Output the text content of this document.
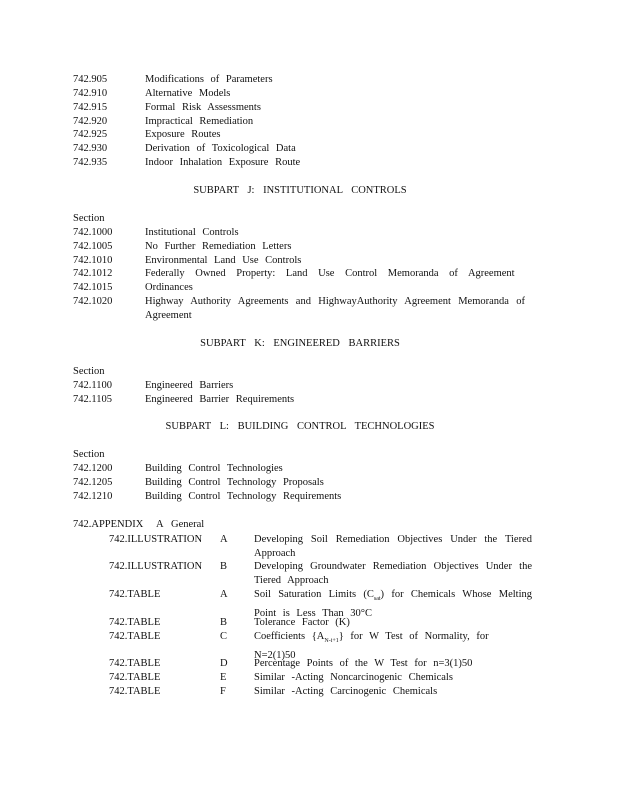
742.905	Modifications of Parameters
742.910	Alternative Models
742.915	Formal Risk Assessments
742.920	Impractical Remediation
742.925	Exposure Routes
742.930	Derivation of Toxicological Data
742.935	Indoor Inhalation Exposure Route
SUBPART J: INSTITUTIONAL CONTROLS
Section
742.1000	Institutional Controls
742.1005	No Further Remediation Letters
742.1010	Environmental Land Use Controls
742.1012	Federally Owned Property: Land Use Control Memoranda of Agreement
742.1015	Ordinances
742.1020	Highway Authority Agreements and HighwayAuthority Agreement Memoranda of Agreement
SUBPART K: ENGINEERED BARRIERS
Section
742.1100	Engineered Barriers
742.1105	Engineered Barrier Requirements
SUBPART L: BUILDING CONTROL TECHNOLOGIES
Section
742.1200	Building Control Technologies
742.1205	Building Control Technology Proposals
742.1210	Building Control Technology Requirements
742.APPENDIX A General
742.ILLUSTRATION A	Developing Soil Remediation Objectives Under the Tiered Approach
742.ILLUSTRATION B	Developing Groundwater Remediation Objectives Under the Tiered Approach
742.TABLE	A	Soil Saturation Limits $(C_{sat})$ for Chemicals Whose Melting Point is Less Than 30°C
742.TABLE	B	Tolerance Factor (K)
742.TABLE	C	Coefficients $\{A_{N-i+1}\}$ for W Test of Normality, for N=2(1)50
742.TABLE	D	Percentage Points of the W Test for n=3(1)50
742.TABLE	E	Similar -Acting Noncarcinogenic Chemicals
742.TABLE	F	Similar -Acting Carcinogenic Chemicals
